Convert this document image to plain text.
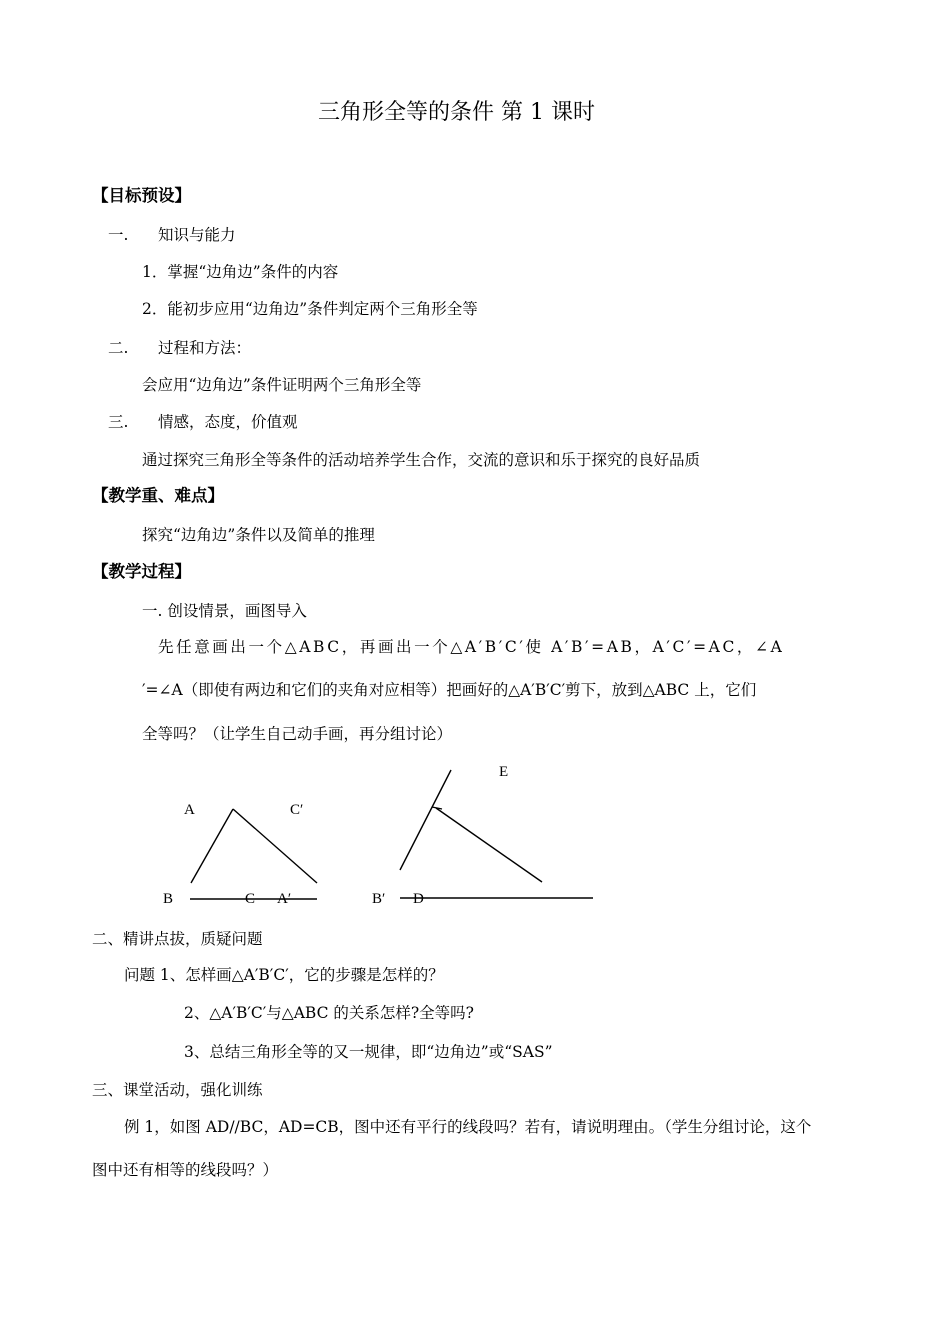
三角形全等的条件 第 1 课时
【目标预设】
一. 知识与能力
1．掌握“边角边”条件的内容
2．能初步应用“边角边”条件判定两个三角形全等
二. 过程和方法：
会应用“边角边”条件证明两个三角形全等
三. 情感，态度，价值观
通过探究三角形全等条件的活动培养学生合作，交流的意识和乐于探究的良好品质
【教学重、难点】
探究“边角边”条件以及简单的推理
【教学过程】
一. 创设情景，画图导入
先任意画出一个△ABC，再画出一个△A′B′C′使 A′B′=AB，A′C′=AC，∠A
′=∠A（即使有两边和它们的夹角对应相等）把画好的△A′B′C′剪下，放到△ABC 上，它们
全等吗？（让学生自己动手画，再分组讨论）
A	C′
B	C A′
E
B′ D
二、精讲点拔，质疑问题
问题 1、怎样画△A′B′C′，它的步骤是怎样的？
2、△A′B′C′与△ABC 的关系怎样?全等吗?
3、总结三角形全等的又一规律，即“边角边”或“SAS”
三、课堂活动，强化训练
例 1，如图 AD//BC，AD=CB，图中还有平行的线段吗？若有，请说明理由。（学生分组讨论，这个
图中还有相等的线段吗？）
